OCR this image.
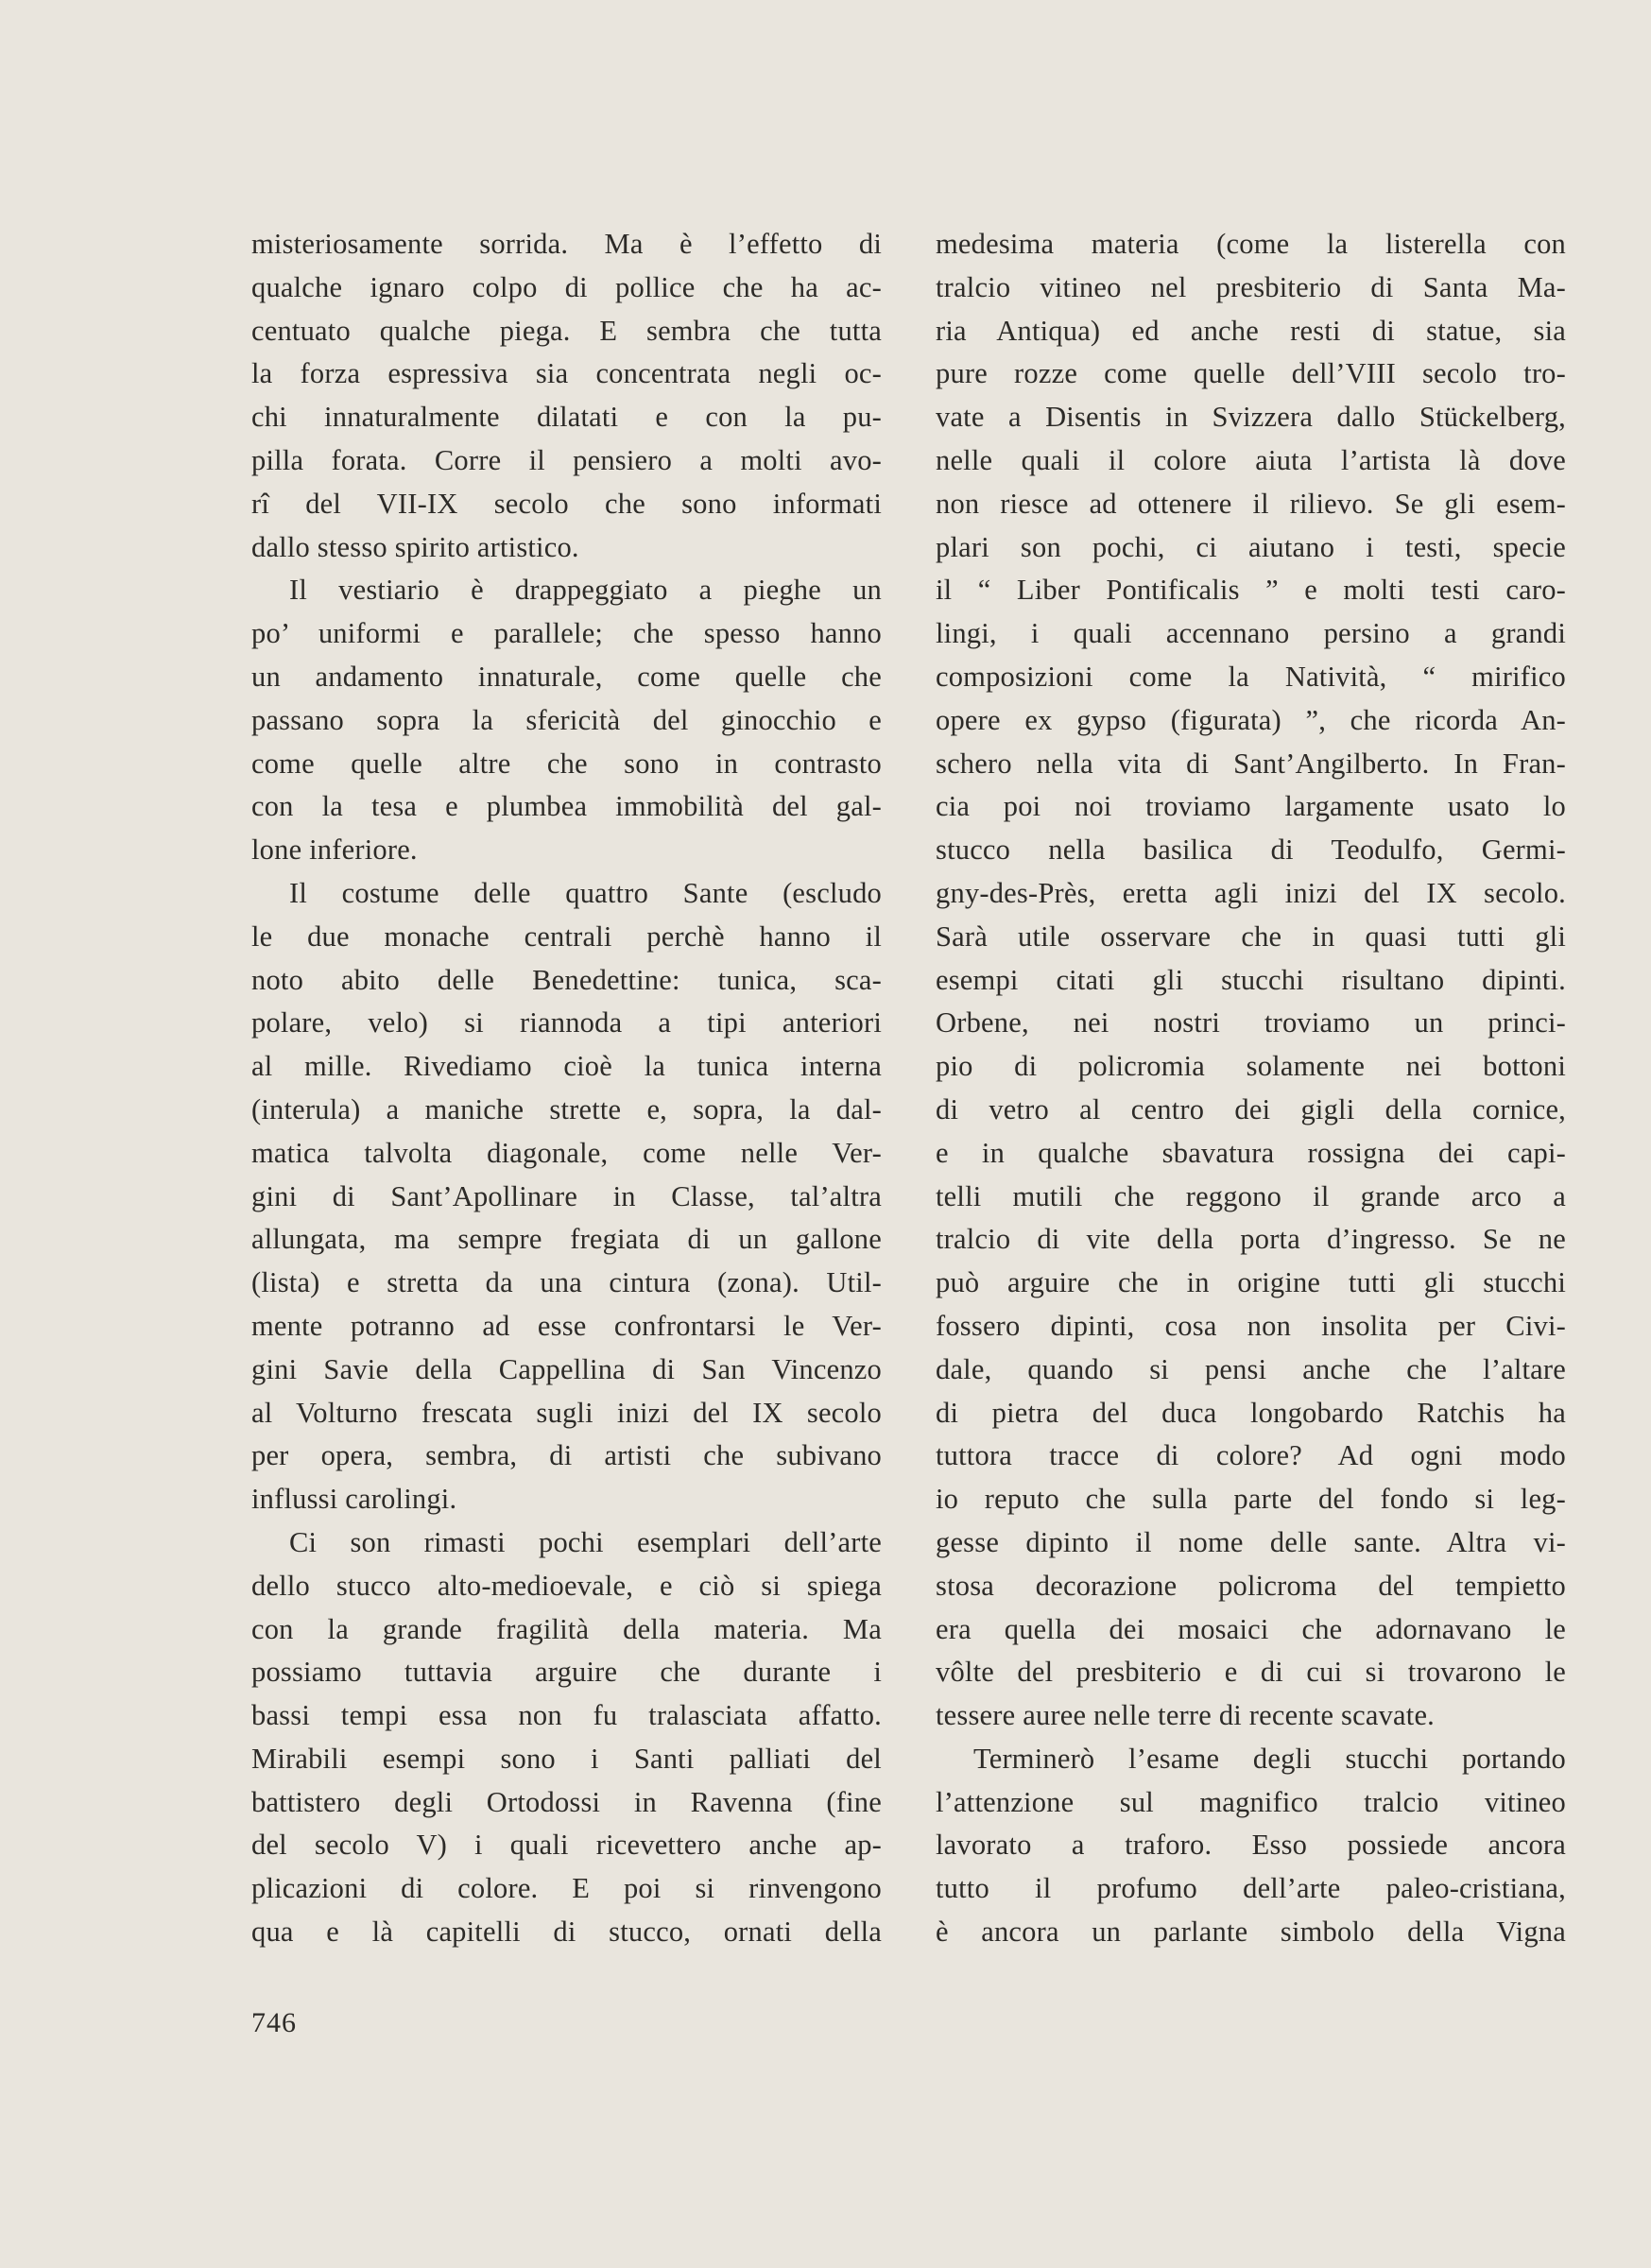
misteriosamente sorrida. Ma è l’effetto di
qualche ignaro colpo di pollice che ha ac-
centuato qualche piega. E sembra che tutta
la forza espressiva sia concentrata negli oc-
chi innaturalmente dilatati e con la pu-
pilla forata. Corre il pensiero a molti avo-
rî del VII-IX secolo che sono informati
dallo stesso spirito artistico.
Il vestiario è drappeggiato a pieghe un
po’ uniformi e parallele; che spesso hanno
un andamento innaturale, come quelle che
passano sopra la sfericità del ginocchio e
come quelle altre che sono in contrasto
con la tesa e plumbea immobilità del gal-
lone inferiore.
Il costume delle quattro Sante (escludo
le due monache centrali perchè hanno il
noto abito delle Benedettine: tunica, sca-
polare, velo) si riannoda a tipi anteriori
al mille. Rivediamo cioè la tunica interna
(interula) a maniche strette e, sopra, la dal-
matica talvolta diagonale, come nelle Ver-
gini di Sant’Apollinare in Classe, tal’altra
allungata, ma sempre fregiata di un gallone
(lista) e stretta da una cintura (zona). Util-
mente potranno ad esse confrontarsi le Ver-
gini Savie della Cappellina di San Vincenzo
al Volturno frescata sugli inizi del IX secolo
per opera, sembra, di artisti che subivano
influssi carolingi.
Ci son rimasti pochi esemplari dell’arte
dello stucco alto-medioevale, e ciò si spiega
con la grande fragilità della materia. Ma
possiamo tuttavia arguire che durante i
bassi tempi essa non fu tralasciata affatto.
Mirabili esempi sono i Santi palliati del
battistero degli Ortodossi in Ravenna (fine
del secolo V) i quali ricevettero anche ap-
plicazioni di colore. E poi si rinvengono
qua e là capitelli di stucco, ornati della
medesima materia (come la listerella con
tralcio vitineo nel presbiterio di Santa Ma-
ria Antiqua) ed anche resti di statue, sia
pure rozze come quelle dell’VIII secolo tro-
vate a Disentis in Svizzera dallo Stückelberg,
nelle quali il colore aiuta l’artista là dove
non riesce ad ottenere il rilievo. Se gli esem-
plari son pochi, ci aiutano i testi, specie
il “ Liber Pontificalis ” e molti testi caro-
lingi, i quali accennano persino a grandi
composizioni come la Natività, “ mirifico
opere ex gypso (figurata) ”, che ricorda An-
schero nella vita di Sant’Angilberto. In Fran-
cia poi noi troviamo largamente usato lo
stucco nella basilica di Teodulfo, Germi-
gny-des-Près, eretta agli inizi del IX secolo.
Sarà utile osservare che in quasi tutti gli
esempi citati gli stucchi risultano dipinti.
Orbene, nei nostri troviamo un princi-
pio di policromia solamente nei bottoni
di vetro al centro dei gigli della cornice,
e in qualche sbavatura rossigna dei capi-
telli mutili che reggono il grande arco a
tralcio di vite della porta d’ingresso. Se ne
può arguire che in origine tutti gli stucchi
fossero dipinti, cosa non insolita per Civi-
dale, quando si pensi anche che l’altare
di pietra del duca longobardo Ratchis ha
tuttora tracce di colore? Ad ogni modo
io reputo che sulla parte del fondo si leg-
gesse dipinto il nome delle sante. Altra vi-
stosa decorazione policroma del tempietto
era quella dei mosaici che adornavano le
vôlte del presbiterio e di cui si trovarono le
tessere auree nelle terre di recente scavate.
Terminerò l’esame degli stucchi portando
l’attenzione sul magnifico tralcio vitineo
lavorato a traforo. Esso possiede ancora
tutto il profumo dell’arte paleo-cristiana,
è ancora un parlante simbolo della Vigna
746
